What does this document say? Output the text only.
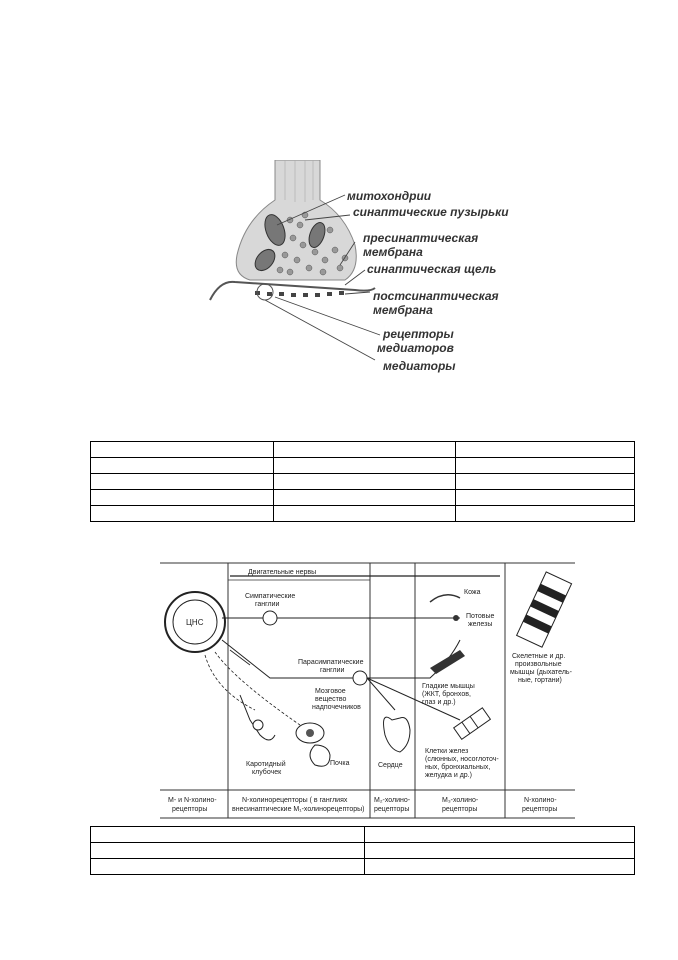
митохондрии
синаптические пузырьки
пресинаптическая
мембрана
синаптическая щель
постсинаптическая
мембрана
рецепторы
медиаторов
медиаторы

ЦНС
Двигательные нервы
Симпатические
ганглии
Парасимпатические
ганглии
Кожа
Потовые
железы
Скелетные и др.
произвольные
мышцы (дыхатель-
ные, гортани)
Гладкие мышцы
(ЖКТ, бронхов,
глаз и др.)
Мозговое
вещество
надпочечников
Почка
Каротидный
клубочек
Сердце
Клетки желез
(слюнных, носоглоточ-
ных, бронхиальных,
желудка и др.)
М- и N-холино-
рецепторы
N-холинорецепторы ( в ганглиях
внесинаптические М₁-холинорецепторы)
М₂-холино-
рецепторы
М₃-холино-
рецепторы
N-холино-
рецепторы
